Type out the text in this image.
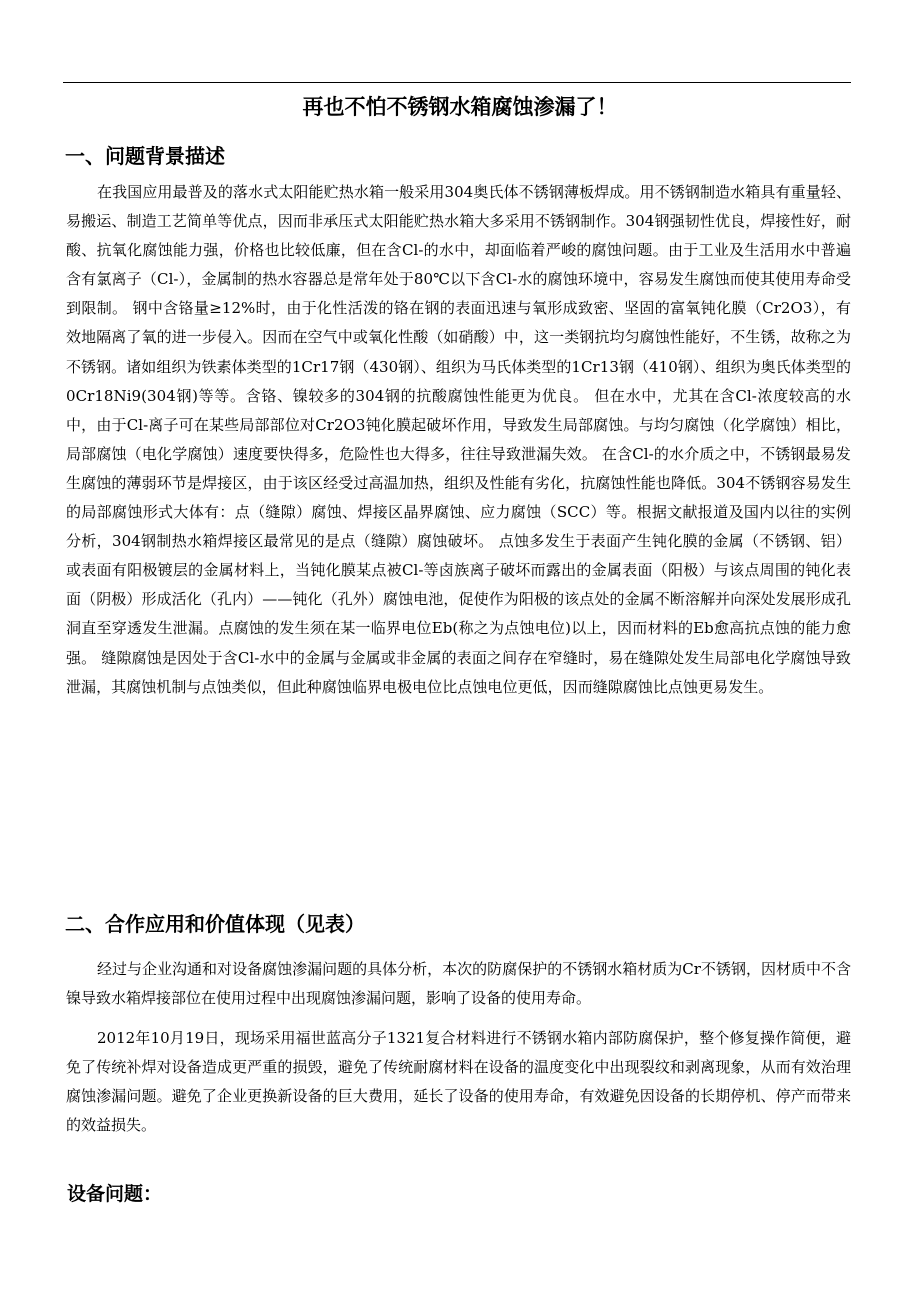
再也不怕不锈钢水箱腐蚀渗漏了！
一、问题背景描述

在我国应用最普及的落水式太阳能贮热水箱一般采用304奥氏体不锈钢薄板焊成。用不锈钢制造水箱具有重量轻、易搬运、制造工艺简单等优点，因而非承压式太阳能贮热水箱大多采用不锈钢制作。304钢强韧性优良，焊接性好，耐酸、抗氧化腐蚀能力强，价格也比较低廉，但在含Cl-的水中，却面临着严峻的腐蚀问题。由于工业及生活用水中普遍含有氯离子（Cl-），金属制的热水容器总是常年处于80℃以下含Cl-水的腐蚀环境中，容易发生腐蚀而使其使用寿命受到限制。 钢中含铬量≥12%时，由于化性活泼的铬在钢的表面迅速与氧形成致密、坚固的富氧钝化膜（Cr2O3），有效地隔离了氧的进一步侵入。因而在空气中或氧化性酸（如硝酸）中，这一类钢抗均匀腐蚀性能好，不生锈，故称之为不锈钢。诸如组织为铁素体类型的1Cr17钢（430钢）、组织为马氏体类型的1Cr13钢（410钢）、组织为奥氏体类型的0Cr18Ni9(304钢)等等。含铬、镍较多的304钢的抗酸腐蚀性能更为优良。 但在水中，尤其在含Cl-浓度较高的水中，由于Cl-离子可在某些局部部位对Cr2O3钝化膜起破坏作用，导致发生局部腐蚀。与均匀腐蚀（化学腐蚀）相比，局部腐蚀（电化学腐蚀）速度要快得多，危险性也大得多，往往导致泄漏失效。 在含Cl-的水介质之中，不锈钢最易发生腐蚀的薄弱环节是焊接区，由于该区经受过高温加热，组织及性能有劣化，抗腐蚀性能也降低。304不锈钢容易发生的局部腐蚀形式大体有：点（缝隙）腐蚀、焊接区晶界腐蚀、应力腐蚀（SCC）等。根据文献报道及国内以往的实例分析，304钢制热水箱焊接区最常见的是点（缝隙）腐蚀破坏。 点蚀多发生于表面产生钝化膜的金属（不锈钢、铝）或表面有阳极镀层的金属材料上，当钝化膜某点被Cl-等卤族离子破坏而露出的金属表面（阳极）与该点周围的钝化表面（阴极）形成活化（孔内）——钝化（孔外）腐蚀电池，促使作为阳极的该点处的金属不断溶解并向深处发展形成孔洞直至穿透发生泄漏。点腐蚀的发生须在某一临界电位Eb(称之为点蚀电位)以上，因而材料的Eb愈高抗点蚀的能力愈强。 缝隙腐蚀是因处于含Cl-水中的金属与金属或非金属的表面之间存在窄缝时，易在缝隙处发生局部电化学腐蚀导致泄漏，其腐蚀机制与点蚀类似，但此种腐蚀临界电极电位比点蚀电位更低，因而缝隙腐蚀比点蚀更易发生。

二、合作应用和价值体现（见表）

经过与企业沟通和对设备腐蚀渗漏问题的具体分析，本次的防腐保护的不锈钢水箱材质为Cr不锈钢，因材质中不含镍导致水箱焊接部位在使用过程中出现腐蚀渗漏问题，影响了设备的使用寿命。

2012年10月19日，现场采用福世蓝高分子1321复合材料进行不锈钢水箱内部防腐保护，整个修复操作简便，避免了传统补焊对设备造成更严重的损毁，避免了传统耐腐材料在设备的温度变化中出现裂纹和剥离现象，从而有效治理腐蚀渗漏问题。避免了企业更换新设备的巨大费用，延长了设备的使用寿命，有效避免因设备的长期停机、停产而带来的效益损失。

设备问题：
